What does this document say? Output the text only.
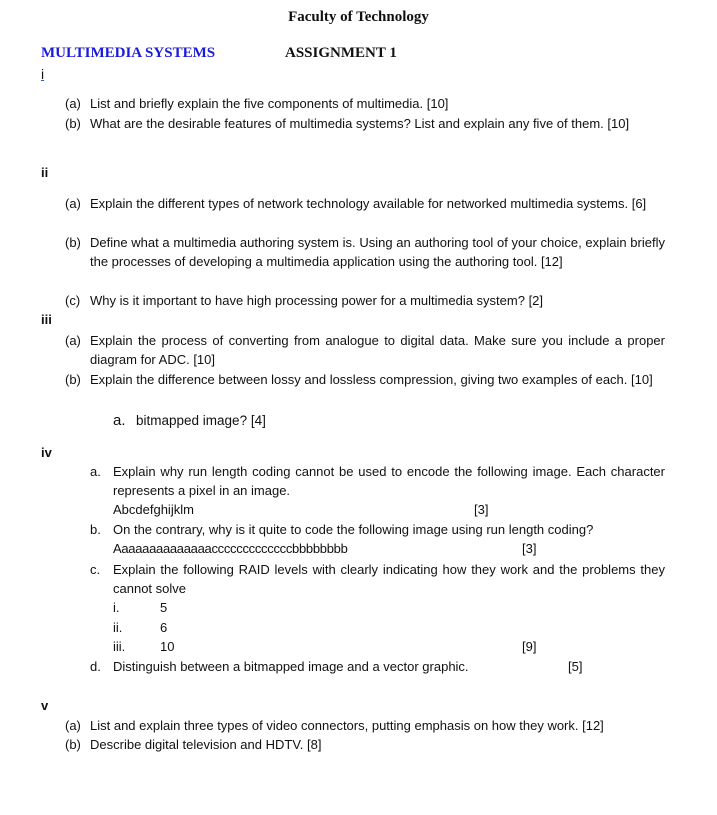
Faculty of Technology
MULTIMEDIA SYSTEMS	ASSIGNMENT 1
i
(a) List and briefly explain the five components of multimedia. [10]
(b) What are the desirable features of multimedia systems? List and explain any five of them. [10]
ii
(a) Explain the different types of network technology available for networked multimedia systems. [6]
(b) Define what a multimedia authoring system is. Using an authoring tool of your choice, explain briefly the processes of developing a multimedia application using the authoring tool. [12]
(c) Why is it important to have high processing power for a multimedia system? [2]
iii
(a) Explain the process of converting from analogue to digital data. Make sure you include a proper diagram for ADC. [10]
(b) Explain the difference between lossy and lossless compression, giving two examples of each. [10]
a. bitmapped image? [4]
iv
a. Explain why run length coding cannot be used to encode the following image. Each character represents a pixel in an image.
Abcdefghijklm	[3]
b. On the contrary, why is it quite to code the following image using run length coding?
Aaaaaaaaaaaaaacccccccccccccbbbbbbbb	[3]
c. Explain the following RAID levels with clearly indicating how they work and the problems they cannot solve
i.	5
ii.	6
iii.	10	[9]
d. Distinguish between a bitmapped image and a vector graphic.	[5]
v
(a) List and explain three types of video connectors, putting emphasis on how they work. [12]
(b) Describe digital television and HDTV. [8]
